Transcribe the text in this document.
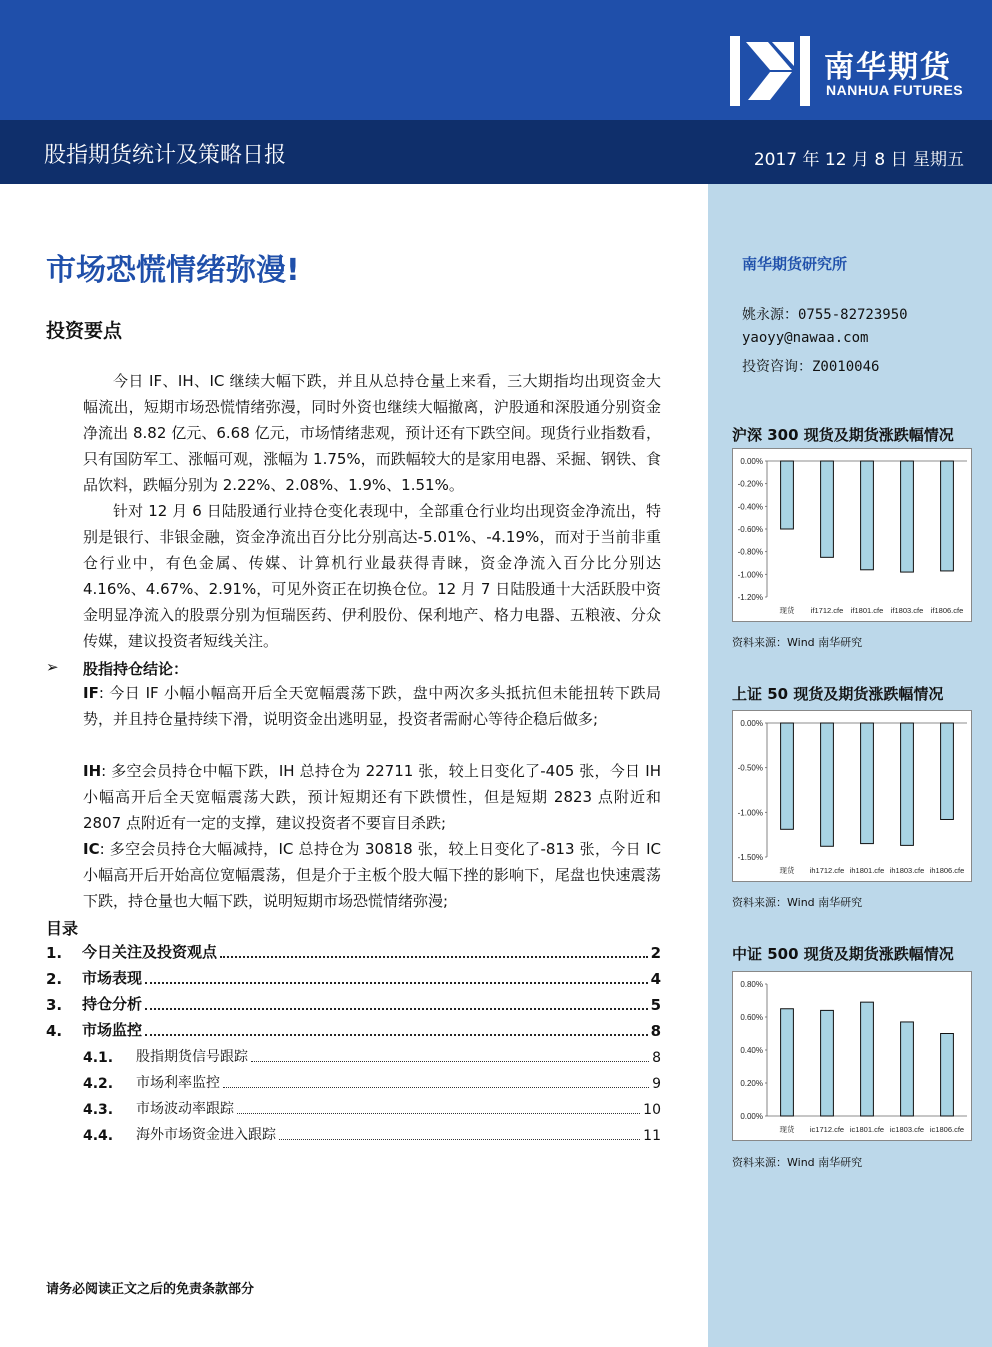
南华期货
NANHUA FUTURES
股指期货统计及策略日报	2017 年 12 月 8 日 星期五
南华期货研究所
姚永源：0755-82723950
yaoyy@nawaa.com
投资咨询：Z0010046
沪深 300 现货及期货涨跌幅情况
0.00%
-0.20%
-0.40%
-0.60%
-0.80%
-1.00%
-1.20%
现货 if1712.cfe if1801.cfe if1803.cfe if1806.cfe
资料来源：Wind 南华研究
上证 50 现货及期货涨跌幅情况
0.00%
-0.50%
-1.00%
-1.50%
现货 ih1712.cfe ih1801.cfe ih1803.cfe ih1806.cfe
资料来源：Wind 南华研究
中证 500 现货及期货涨跌幅情况
0.80%
0.60%
0.40%
0.20%
0.00%
现货 ic1712.cfe ic1801.cfe ic1803.cfe ic1806.cfe
资料来源：Wind 南华研究
市场恐慌情绪弥漫!
投资要点

今日 IF、IH、IC 继续大幅下跌，并且从总持仓量上来看，三大期指均出现资金大幅流出，短期市场恐慌情绪弥漫，同时外资也继续大幅撤离，沪股通和深股通分别资金净流出 8.82 亿元、6.68 亿元，市场情绪悲观，预计还有下跌空间。现货行业指数看，只有国防军工、涨幅可观，涨幅为 1.75%，而跌幅较大的是家用电器、采掘、钢铁、食品饮料，跌幅分别为 2.22%、2.08%、1.9%、1.51%。

针对 12 月 6 日陆股通行业持仓变化表现中，全部重仓行业均出现资金净流出，特别是银行、非银金融，资金净流出百分比分别高达-5.01%、-4.19%，而对于当前非重仓行业中，有色金属、传媒、计算机行业最获得青睐，资金净流入百分比分别达 4.16%、4.67%、2.91%，可见外资正在切换仓位。12 月 7 日陆股通十大活跃股中资金明显净流入的股票分别为恒瑞医药、伊利股份、保利地产、格力电器、五粮液、分众传媒，建议投资者短线关注。

➢ 股指持仓结论：

IF: 今日 IF 小幅小幅高开后全天宽幅震荡下跌，盘中两次多头抵抗但未能扭转下跌局势，并且持仓量持续下滑，说明资金出逃明显，投资者需耐心等待企稳后做多;

IH: 多空会员持仓中幅下跌，IH 总持仓为 22711 张，较上日变化了-405 张，今日 IH 小幅高开后全天宽幅震荡大跌，预计短期还有下跌惯性，但是短期 2823 点附近和 2807 点附近有一定的支撑，建议投资者不要盲目杀跌;

IC: 多空会员持仓大幅减持，IC 总持仓为 30818 张，较上日变化了-813 张，今日 IC 小幅高开后开始高位宽幅震荡，但是介于主板个股大幅下挫的影响下，尾盘也快速震荡下跌，持仓量也大幅下跌，说明短期市场恐慌情绪弥漫;

目录
1.	今日关注及投资观点	2
2.	市场表现	4
3.	持仓分析	5
4.	市场监控	8
4.1.	股指期货信号跟踪	8
4.2.	市场利率监控	9
4.3.	市场波动率跟踪	10
4.4.	海外市场资金进入跟踪	11
请务必阅读正文之后的免责条款部分
